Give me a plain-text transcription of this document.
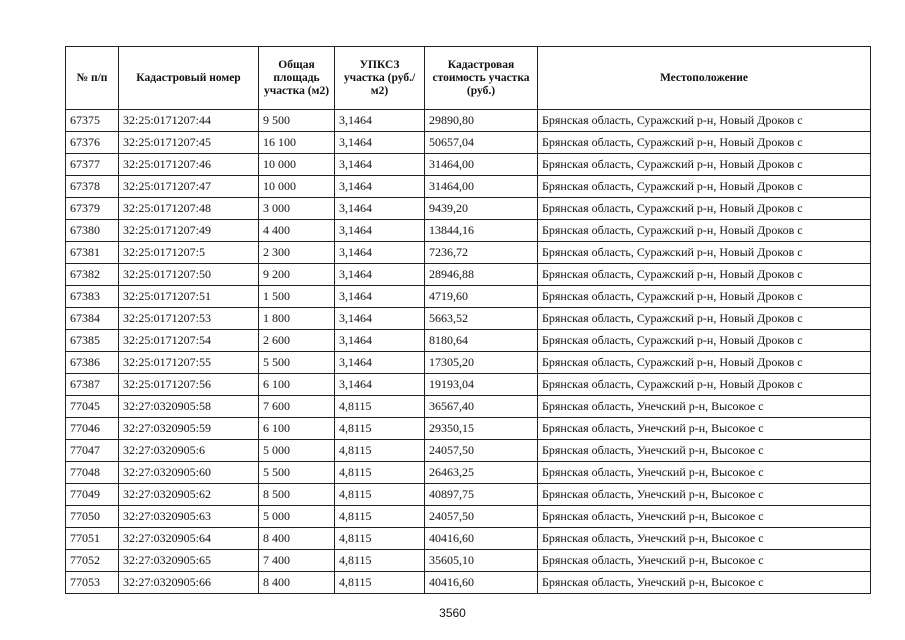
№ п/п	Кадастровый номер	Общая площадь участка (м2)	УПКСЗ участка (руб./м2)	Кадастровая стоимость участка (руб.)	Местоположение
67375	32:25:0171207:44	9 500	3,1464	29890,80	Брянская область, Суражский р-н, Новый Дроков с
67376	32:25:0171207:45	16 100	3,1464	50657,04	Брянская область, Суражский р-н, Новый Дроков с
67377	32:25:0171207:46	10 000	3,1464	31464,00	Брянская область, Суражский р-н, Новый Дроков с
67378	32:25:0171207:47	10 000	3,1464	31464,00	Брянская область, Суражский р-н, Новый Дроков с
67379	32:25:0171207:48	3 000	3,1464	9439,20	Брянская область, Суражский р-н, Новый Дроков с
67380	32:25:0171207:49	4 400	3,1464	13844,16	Брянская область, Суражский р-н, Новый Дроков с
67381	32:25:0171207:5	2 300	3,1464	7236,72	Брянская область, Суражский р-н, Новый Дроков с
67382	32:25:0171207:50	9 200	3,1464	28946,88	Брянская область, Суражский р-н, Новый Дроков с
67383	32:25:0171207:51	1 500	3,1464	4719,60	Брянская область, Суражский р-н, Новый Дроков с
67384	32:25:0171207:53	1 800	3,1464	5663,52	Брянская область, Суражский р-н, Новый Дроков с
67385	32:25:0171207:54	2 600	3,1464	8180,64	Брянская область, Суражский р-н, Новый Дроков с
67386	32:25:0171207:55	5 500	3,1464	17305,20	Брянская область, Суражский р-н, Новый Дроков с
67387	32:25:0171207:56	6 100	3,1464	19193,04	Брянская область, Суражский р-н, Новый Дроков с
77045	32:27:0320905:58	7 600	4,8115	36567,40	Брянская область, Унечский р-н, Высокое с
77046	32:27:0320905:59	6 100	4,8115	29350,15	Брянская область, Унечский р-н, Высокое с
77047	32:27:0320905:6	5 000	4,8115	24057,50	Брянская область, Унечский р-н, Высокое с
77048	32:27:0320905:60	5 500	4,8115	26463,25	Брянская область, Унечский р-н, Высокое с
77049	32:27:0320905:62	8 500	4,8115	40897,75	Брянская область, Унечский р-н, Высокое с
77050	32:27:0320905:63	5 000	4,8115	24057,50	Брянская область, Унечский р-н, Высокое с
77051	32:27:0320905:64	8 400	4,8115	40416,60	Брянская область, Унечский р-н, Высокое с
77052	32:27:0320905:65	7 400	4,8115	35605,10	Брянская область, Унечский р-н, Высокое с
77053	32:27:0320905:66	8 400	4,8115	40416,60	Брянская область, Унечский р-н, Высокое с
3560
